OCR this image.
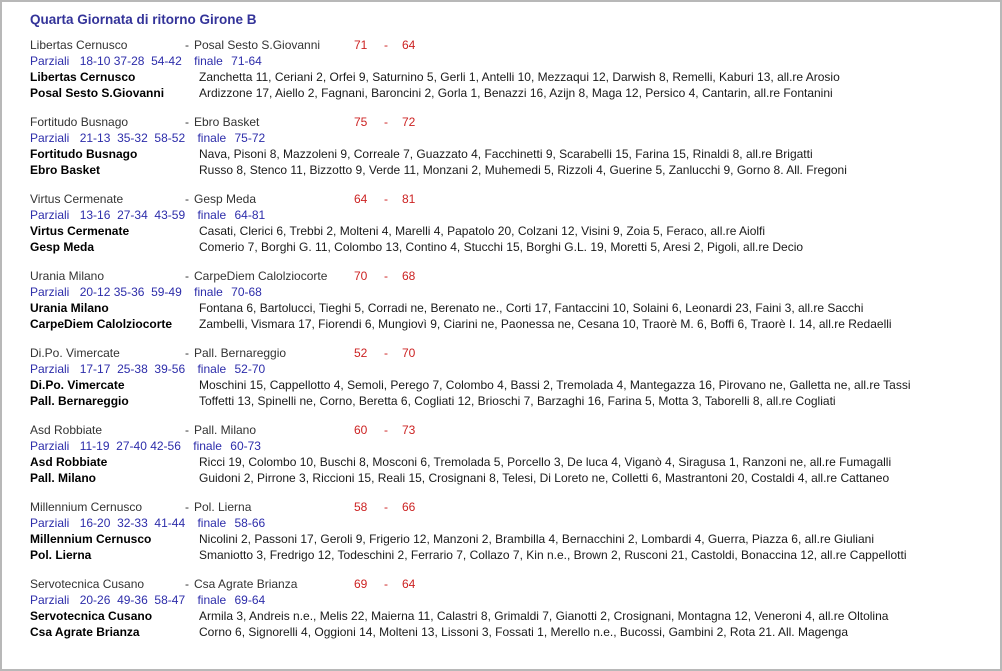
Quarta Giornata di ritorno Girone B
Libertas Cernusco	- Posal Sesto S.Giovanni	71	-	64
Parziali 18-10 37-28  54-42 finale 71-64
Libertas Cernusco	Zanchetta 11, Ceriani 2, Orfei 9, Saturnino 5, Gerli 1, Antelli 10, Mezzaqui 12, Darwish 8, Remelli, Kaburi 13, all.re Arosio
Posal Sesto S.Giovanni	Ardizzone 17, Aiello 2, Fagnani, Baroncini 2, Gorla 1, Benazzi 16, Azijn 8, Maga 12, Persico 4, Cantarin, all.re Fontanini
Fortitudo Busnago	- Ebro Basket	75	-	72
Parziali 21-13  35-32  58-52 finale 75-72
Fortitudo Busnago	Nava, Pisoni 8, Mazzoleni 9, Correale 7, Guazzato 4, Facchinetti 9, Scarabelli 15, Farina 15, Rinaldi 8, all.re Brigatti
Ebro Basket	Russo 8, Stenco 11, Bizzotto 9, Verde 11, Monzani 2, Muhemedi 5, Rizzoli 4, Guerine 5, Zanlucchi 9, Gorno 8. All. Fregoni
Virtus Cermenate	- Gesp Meda	64	-	81
Parziali 13-16  27-34  43-59 finale 64-81
Virtus Cermenate	Casati, Clerici 6, Trebbi 2, Molteni 4, Marelli 4, Papatolo 20, Colzani 12, Visini 9, Zoia 5, Feraco, all.re Aiolfi
Gesp Meda	Comerio 7, Borghi G. 11, Colombo 13, Contino 4, Stucchi 15, Borghi G.L. 19, Moretti 5, Aresi 2, Pigoli, all.re Decio
Urania Milano	- CarpeDiem Calolziocorte	70	-	68
Parziali 20-12 35-36  59-49 finale 70-68
Urania Milano	Fontana 6, Bartolucci, Tieghi 5, Corradi ne, Berenato ne., Corti 17, Fantaccini 10, Solaini 6, Leonardi 23, Faini 3, all.re Sacchi
CarpeDiem Calolziocorte	Zambelli, Vismara 17, Fiorendi 6, Mungiovì 9, Ciarini ne, Paonessa ne, Cesana 10, Traorè M. 6, Boffi 6, Traorè I. 14, all.re Redaelli
Di.Po. Vimercate	- Pall. Bernareggio	52	-	70
Parziali 17-17  25-38  39-56 finale 52-70
Di.Po. Vimercate	Moschini 15, Cappellotto 4, Semoli, Perego 7, Colombo 4, Bassi 2, Tremolada 4, Mantegazza 16, Pirovano ne, Galletta ne, all.re Tassi
Pall. Bernareggio	Toffetti 13, Spinelli ne, Corno, Beretta 6, Cogliati 12, Brioschi 7, Barzaghi 16, Farina 5, Motta 3, Taborelli 8, all.re Cogliati
Asd Robbiate	- Pall. Milano	60	-	73
Parziali 11-19  27-40 42-56 finale 60-73
Asd Robbiate	Ricci 19, Colombo 10, Buschi 8, Mosconi 6, Tremolada 5, Porcello 3, De luca 4, Viganò 4, Siragusa 1, Ranzoni ne, all.re Fumagalli
Pall. Milano	Guidoni 2, Pirrone 3, Riccioni 15, Reali 15, Crosignani 8, Telesi, Di Loreto ne, Colletti 6, Mastrantoni 20, Costaldi 4, all.re Cattaneo
Millennium Cernusco	- Pol. Lierna	58	-	66
Parziali 16-20  32-33  41-44 finale 58-66
Millennium Cernusco	Nicolini 2, Passoni 17, Geroli 9, Frigerio 12, Manzoni 2, Brambilla 4, Bernacchini 2, Lombardi 4, Guerra, Piazza 6, all.re Giuliani
Pol. Lierna	Smaniotto 3, Fredrigo 12, Todeschini 2, Ferrario 7, Collazo 7, Kin n.e., Brown 2, Rusconi 21, Castoldi, Bonaccina 12, all.re Cappellotti
Servotecnica Cusano	- Csa Agrate Brianza	69	-	64
Parziali 20-26  49-36  58-47 finale 69-64
Servotecnica Cusano	Armila 3, Andreis n.e., Melis 22, Maierna 11, Calastri 8, Grimaldi 7, Gianotti 2, Crosignani, Montagna 12, Veneroni 4, all.re Oltolina
Csa Agrate Brianza	Corno 6, Signorelli 4, Oggioni 14, Molteni 13, Lissoni 3, Fossati 1, Merello n.e., Bucossi, Gambini 2, Rota 21. All. Magenga
